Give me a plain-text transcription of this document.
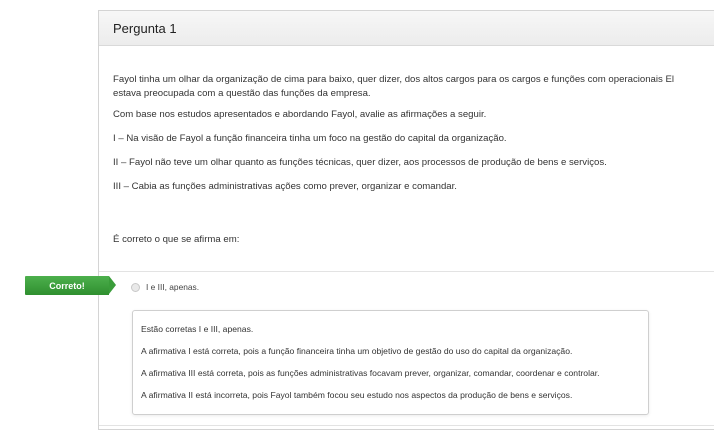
Pergunta 1

Fayol tinha um olhar da organização de cima para baixo, quer dizer, dos altos cargos para os cargos e funções com operacionais El

estava preocupada com a questão das funções da empresa.

Com base nos estudos apresentados e abordando Fayol, avalie as afirmações a seguir.

I – Na visão de Fayol a função financeira tinha um foco na gestão do capital da organização.

II – Fayol não teve um olhar quanto as funções técnicas, quer dizer, aos processos de produção de bens e serviços.

III – Cabia as funções administrativas ações como prever, organizar e comandar.

É correto o que se afirma em:

I e III, apenas.

Estão corretas I e III, apenas.

A afirmativa I está correta, pois a função financeira tinha um objetivo de gestão do uso do capital da organização.

A afirmativa III está correta, pois as funções administrativas focavam prever, organizar, comandar, coordenar e controlar.

A afirmativa II está incorreta, pois Fayol também focou seu estudo nos aspectos da produção de bens e serviços.

Correto!
